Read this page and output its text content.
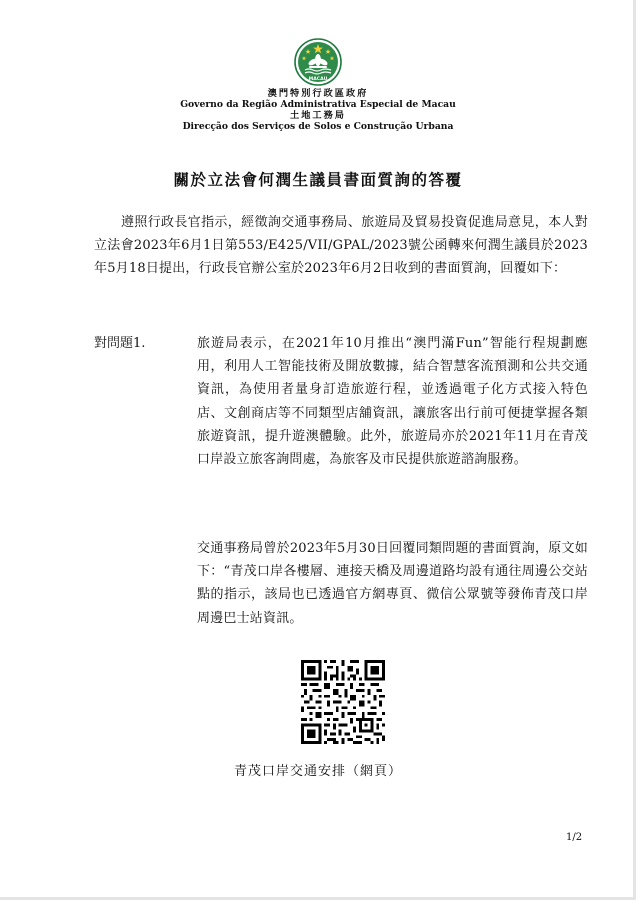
MACAU
澳門特別行政區政府
Governo da Região Administrativa Especial de Macau
土地工務局
Direcção dos Serviços de Solos e Construção Urbana
關於立法會何潤生議員書面質詢的答覆
遵照行政長官指示，經徵詢交通事務局、旅遊局及貿易投資促進局意見，本人對立法會2023年6月1日第553/E425/VII/GPAL/2023號公函轉來何潤生議員於2023年5月18日提出，行政長官辦公室於2023年6月2日收到的書面質詢，回覆如下：
對問題1.	旅遊局表示，在2021年10月推出“澳門滿Fun”智能行程規劃應用，利用人工智能技術及開放數據，結合智慧客流預測和公共交通資訊，為使用者量身訂造旅遊行程，並透過電子化方式接入特色店、文創商店等不同類型店舖資訊，讓旅客出行前可便捷掌握各類旅遊資訊，提升遊澳體驗。此外，旅遊局亦於2021年11月在青茂口岸設立旅客詢問處，為旅客及市民提供旅遊諮詢服務。
交通事務局曾於2023年5月30日回覆同類問題的書面質詢，原文如下：“青茂口岸各樓層、連接天橋及周邊道路均設有通往周邊公交站點的指示，該局也已透過官方網專頁、微信公眾號等發佈青茂口岸周邊巴士站資訊。
青茂口岸交通安排（網頁）
1/2
